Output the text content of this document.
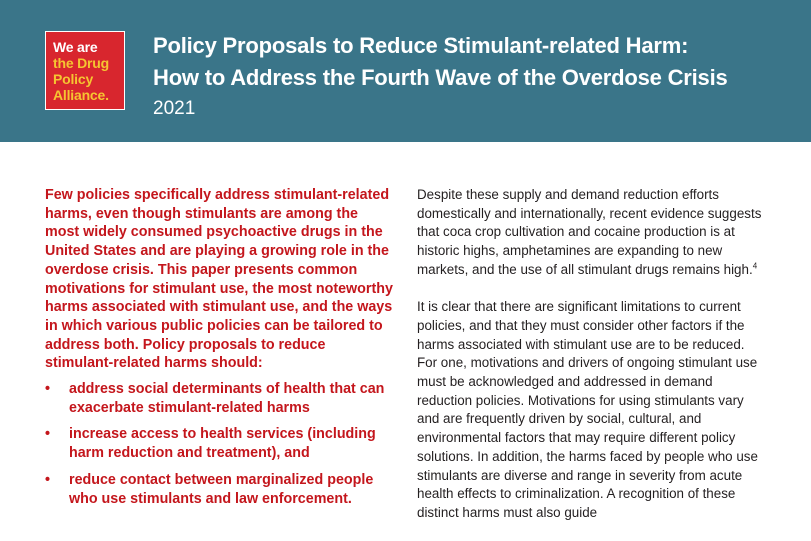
We are
the Drug
Policy
Alliance.
Policy Proposals to Reduce Stimulant-related Harm:
How to Address the Fourth Wave of the Overdose Crisis
2021

Few policies specifically address stimulant-related harms, even though stimulants are among the most widely consumed psychoactive drugs in the United States and are playing a growing role in the overdose crisis. This paper presents common motivations for stimulant use, the most noteworthy harms associated with stimulant use, and the ways in which various public policies can be tailored to address both. Policy proposals to reduce stimulant-related harms should:

• address social determinants of health that can exacerbate stimulant-related harms
• increase access to health services (including harm reduction and treatment), and
• reduce contact between marginalized people who use stimulants and law enforcement.

Despite these supply and demand reduction efforts domestically and internationally, recent evidence suggests that coca crop cultivation and cocaine production is at historic highs, amphetamines are expanding to new markets, and the use of all stimulant drugs remains high.$^4$

It is clear that there are significant limitations to current policies, and that they must consider other factors if the harms associated with stimulant use are to be reduced. For one, motivations and drivers of ongoing stimulant use must be acknowledged and addressed in demand reduction policies. Motivations for using stimulants vary and are frequently driven by social, cultural, and environmental factors that may require different policy solutions. In addition, the harms faced by people who use stimulants are diverse and range in severity from acute health effects to criminalization. A recognition of these distinct harms must also guide
